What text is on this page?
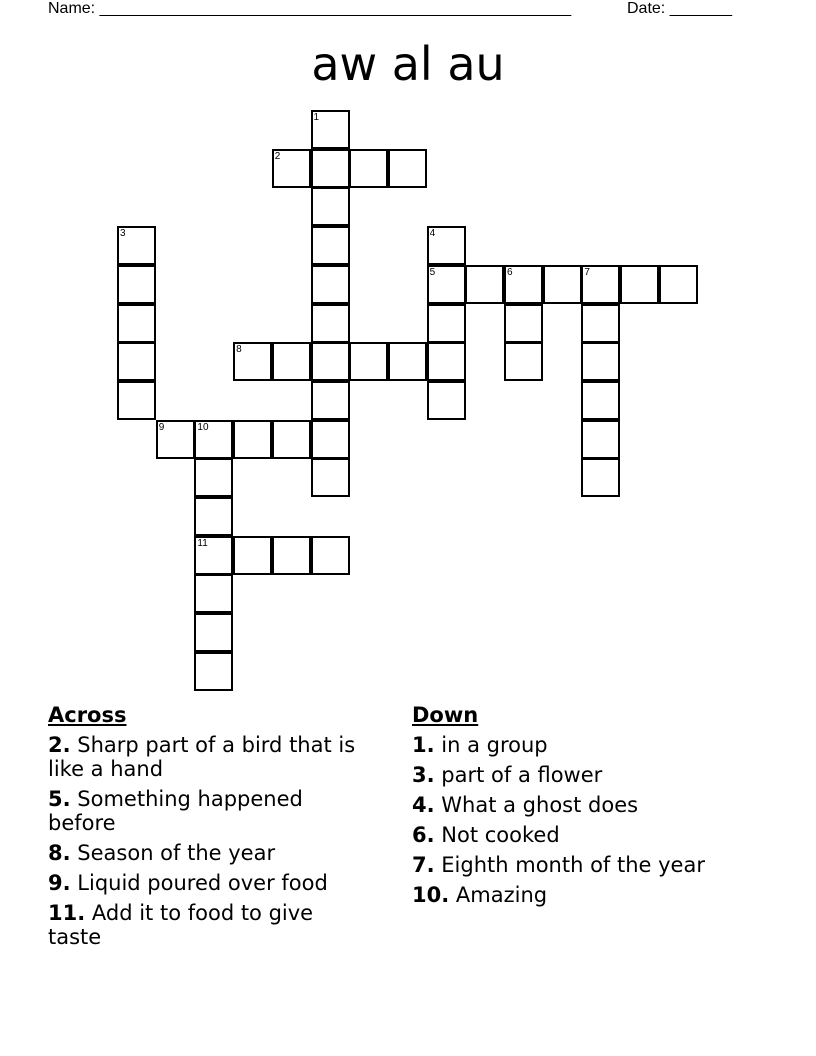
Name: _____________________________________________________	Date: _______
aw al au
1
2
3	4
5	6	7
8
9	10
11
Across
2. Sharp part of a bird that is like a hand
5. Something happened before
8. Season of the year
9. Liquid poured over food
11. Add it to food to give taste
Down
1. in a group
3. part of a flower
4. What a ghost does
6. Not cooked
7. Eighth month of the year
10. Amazing
